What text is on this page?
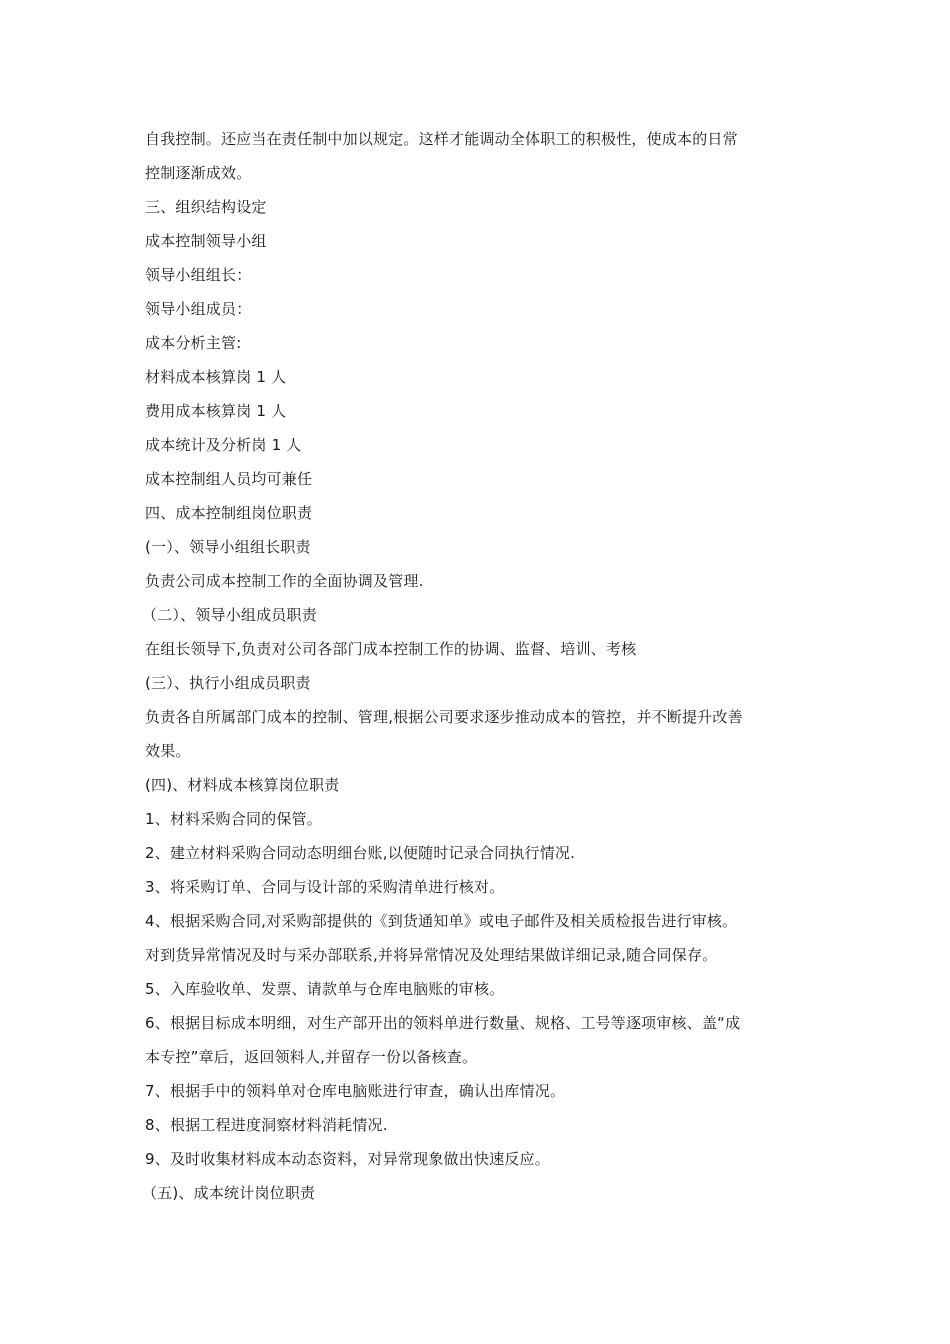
自我控制。还应当在责任制中加以规定。这样才能调动全体职工的积极性，使成本的日常
控制逐渐成效。
三、组织结构设定
成本控制领导小组
领导小组组长：
领导小组成员：
成本分析主管:
材料成本核算岗 1 人
费用成本核算岗 1 人
成本统计及分析岗 1 人
成本控制组人员均可兼任
四、成本控制组岗位职责
(一）、领导小组组长职责
负责公司成本控制工作的全面协调及管理.
（二）、领导小组成员职责
在组长领导下,负责对公司各部门成本控制工作的协调、监督、培训、考核
(三）、执行小组成员职责
负责各自所属部门成本的控制、管理,根据公司要求逐步推动成本的管控，并不断提升改善
效果。
(四)、材料成本核算岗位职责
1、材料采购合同的保管。
2、建立材料采购合同动态明细台账,以便随时记录合同执行情况.
3、将采购订单、合同与设计部的采购清单进行核对。
4、根据采购合同,对采购部提供的《到货通知单》或电子邮件及相关质检报告进行审核。
对到货异常情况及时与采办部联系,并将异常情况及处理结果做详细记录,随合同保存。
5、入库验收单、发票、请款单与仓库电脑账的审核。
6、根据目标成本明细，对生产部开出的领料单进行数量、规格、工号等逐项审核、盖“成
本专控”章后，返回领料人,并留存一份以备核查。
7、根据手中的领料单对仓库电脑账进行审查，确认出库情况。
8、根据工程进度洞察材料消耗情况.
9、及时收集材料成本动态资料，对异常现象做出快速反应。
（五)、成本统计岗位职责
